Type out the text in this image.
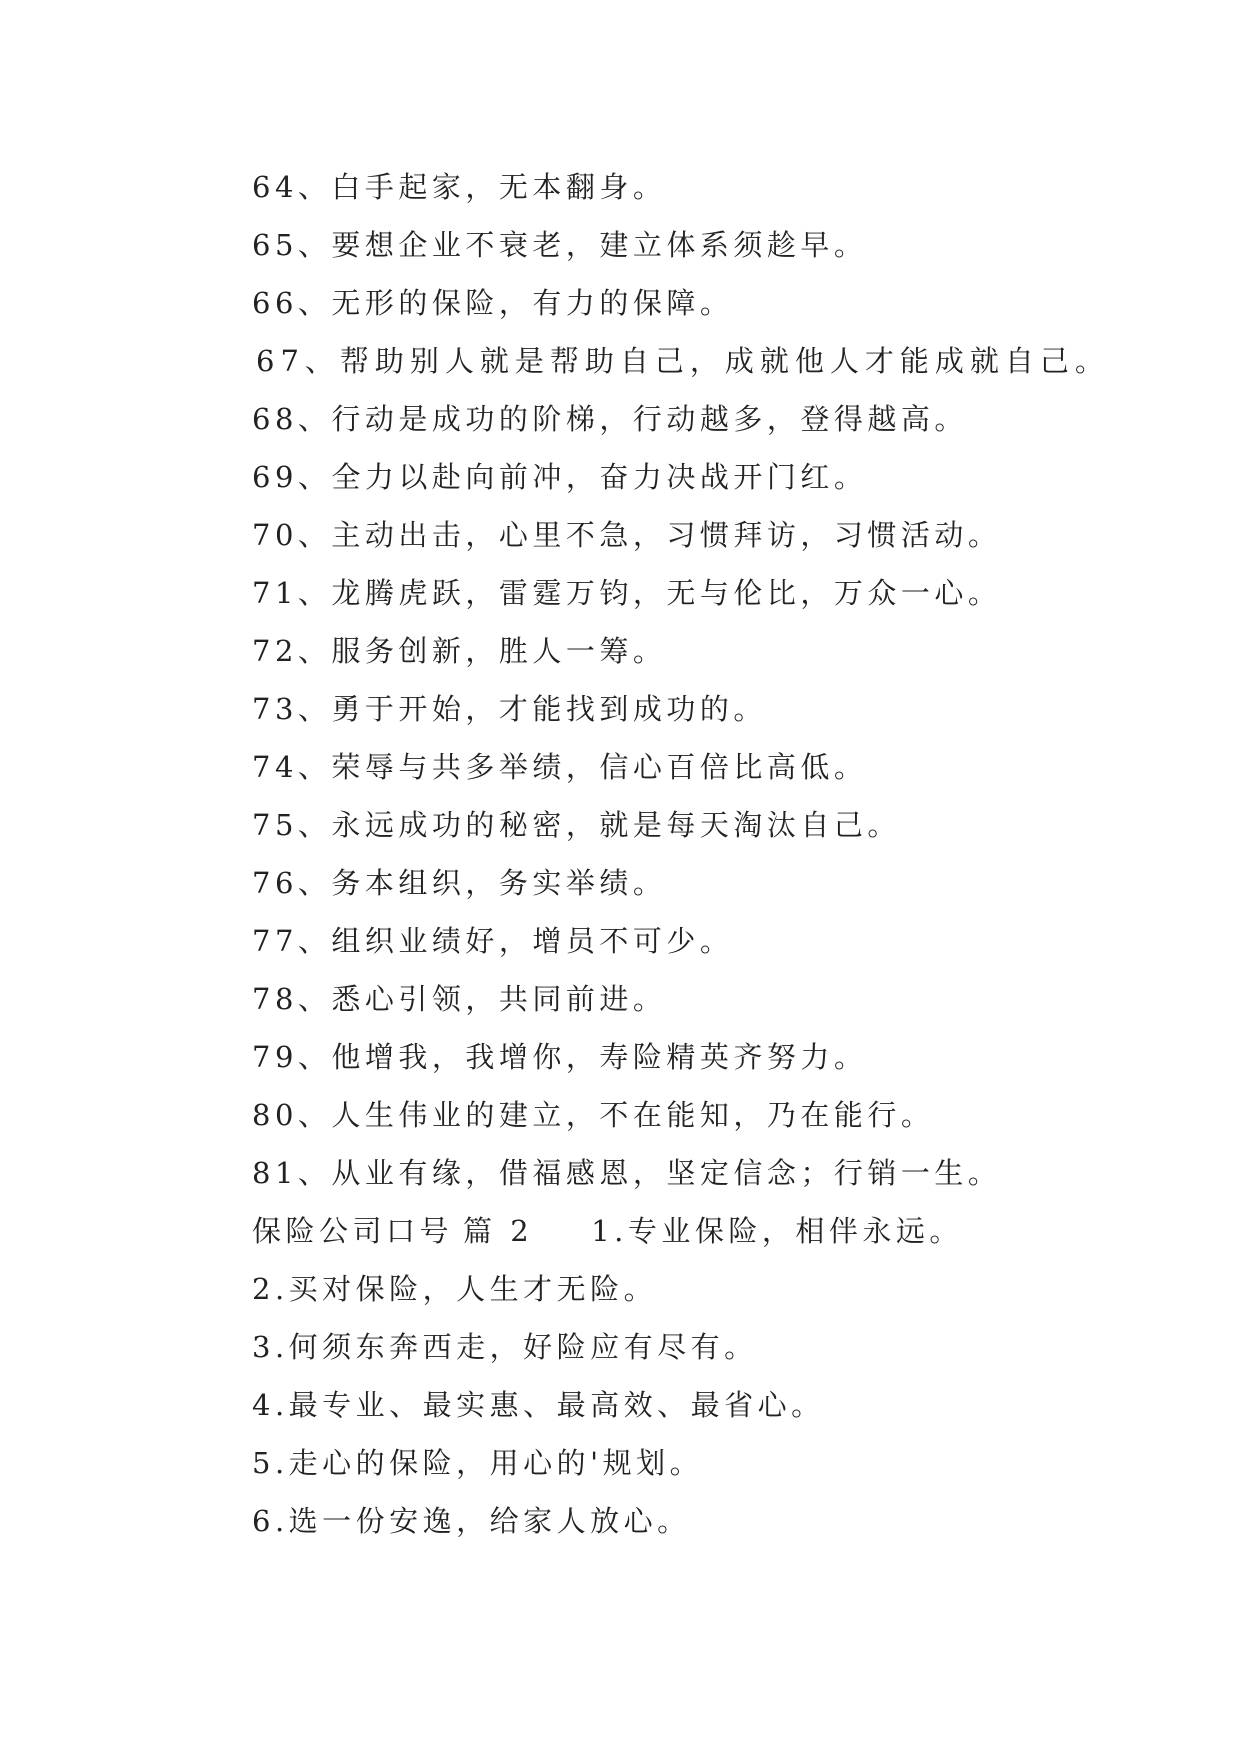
64、白手起家，无本翻身。
65、要想企业不衰老，建立体系须趁早。
66、无形的保险，有力的保障。
67、帮助别人就是帮助自己，成就他人才能成就自己。
68、行动是成功的阶梯，行动越多，登得越高。
69、全力以赴向前冲，奋力决战开门红。
70、主动出击，心里不急，习惯拜访，习惯活动。
71、龙腾虎跃，雷霆万钧，无与伦比，万众一心。
72、服务创新，胜人一筹。
73、勇于开始，才能找到成功的。
74、荣辱与共多举绩，信心百倍比高低。
75、永远成功的秘密，就是每天淘汰自己。
76、务本组织，务实举绩。
77、组织业绩好，增员不可少。
78、悉心引领，共同前进。
79、他增我，我增你，寿险精英齐努力。
80、人生伟业的建立，不在能知，乃在能行。
81、从业有缘，借福感恩，坚定信念；行销一生。
保险公司口号 篇 2 1.专业保险，相伴永远。
2.买对保险，人生才无险。
3.何须东奔西走，好险应有尽有。
4.最专业、最实惠、最高效、最省心。
5.走心的保险，用心的'规划。
6.选一份安逸，给家人放心。
